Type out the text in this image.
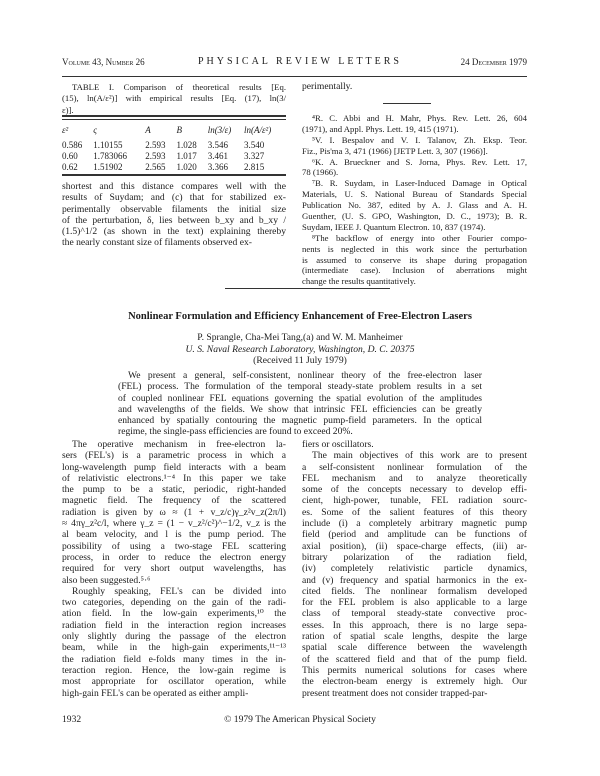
Volume 43, Number 26	PHYSICAL REVIEW LETTERS	24 December 1979
TABLE I. Comparison of theoretical results [Eq.
(15), ln(A/ε²)] with empirical results [Eq. (17), ln(3/
ε)].
ε²	ς	A	B	ln(3/ε)	ln(A/ε²)
0.586	1.10155	2.593	1.028	3.546	3.540
0.60	1.783066	2.593	1.017	3.461	3.327
0.62	1.51902	2.565	1.020	3.366	2.815
shortest and this distance compares well with the
results of Suydam; and (c) that for stabilized ex-
perimentally observable filaments the initial size
of the perturbation, δ, lies between b_xy and b_xy /
(1.5)^1/2 (as shown in the text) explaining thereby
the nearly constant size of filaments observed ex-
perimentally.
⁴R. C. Abbi and H. Mahr, Phys. Rev. Lett. 26, 604
(1971), and Appl. Phys. Lett. 19, 415 (1971).
⁵V. I. Bespalov and V. I. Talanov, Zh. Eksp. Teor.
Fiz., Pis'ma 3, 471 (1966) [JETP Lett. 3, 307 (1966)].
⁶K. A. Brueckner and S. Jorna, Phys. Rev. Lett. 17,
78 (1966).
⁷B. R. Suydam, in Laser-Induced Damage in Optical
Materials, U. S. National Bureau of Standards Special
Publication No. 387, edited by A. J. Glass and A. H.
Guenther, (U. S. GPO, Washington, D. C., 1973); B. R.
Suydam, IEEE J. Quantum Electron. 10, 837 (1974).
⁸The backflow of energy into other Fourier compo-
nents is neglected in this work since the perturbation
is assumed to conserve its shape during propagation
(intermediate case). Inclusion of aberrations might
change the results quantitatively.
Nonlinear Formulation and Efficiency Enhancement of Free-Electron Lasers
P. Sprangle, Cha-Mei Tang,(a) and W. M. Manheimer
U. S. Naval Research Laboratory, Washington, D. C. 20375
(Received 11 July 1979)
We present a general, self-consistent, nonlinear theory of the free-electron laser
(FEL) process. The formulation of the temporal steady-state problem results in a set
of coupled nonlinear FEL equations governing the spatial evolution of the amplitudes
and wavelengths of the fields. We show that intrinsic FEL efficiencies can be greatly
enhanced by spatially contouring the magnetic pump-field parameters. In the optical
regime, the single-pass efficiencies are found to exceed 20%.
The operative mechanism in free-electron la-
sers (FEL's) is a parametric process in which a
long-wavelength pump field interacts with a beam
of relativistic electrons.¹⁻⁴ In this paper we take
the pump to be a static, periodic, right-handed
magnetic field. The frequency of the scattered
radiation is given by ω ≈ (1 + v_z/c)γ_z²v_z(2π/l)
≈ 4πγ_z²c/l, where γ_z = (1 − v_z²/c²)^−1/2, v_z is the
al beam velocity, and l is the pump period. The
possibility of using a two-stage FEL scattering
process, in order to reduce the electron energy
required for very short output wavelengths, has
also been suggested.⁵·⁶
Roughly speaking, FEL's can be divided into
two categories, depending on the gain of the radi-
ation field. In the low-gain experiments,¹⁰ the
radiation field in the interaction region increases
only slightly during the passage of the electron
beam, while in the high-gain experiments,¹¹⁻¹³
the radiation field e-folds many times in the in-
teraction region. Hence, the low-gain regime is
most appropriate for oscillator operation, while
high-gain FEL's can be operated as either ampli-
fiers or oscillators.
The main objectives of this work are to present
a self-consistent nonlinear formulation of the
FEL mechanism and to analyze theoretically
some of the concepts necessary to develop effi-
cient, high-power, tunable, FEL radiation sourc-
es. Some of the salient features of this theory
include (i) a completely arbitrary magnetic pump
field (period and amplitude can be functions of
axial position), (ii) space-charge effects, (iii) ar-
bitrary polarization of the radiation field,
(iv) completely relativistic particle dynamics,
and (v) frequency and spatial harmonics in the ex-
cited fields. The nonlinear formalism developed
for the FEL problem is also applicable to a large
class of temporal steady-state convective proc-
esses. In this approach, there is no large sepa-
ration of spatial scale lengths, despite the large
spatial scale difference between the wavelength
of the scattered field and that of the pump field.
This permits numerical solutions for cases where
the electron-beam energy is extremely high. Our
present treatment does not consider trapped-par-
1932	© 1979 The American Physical Society
